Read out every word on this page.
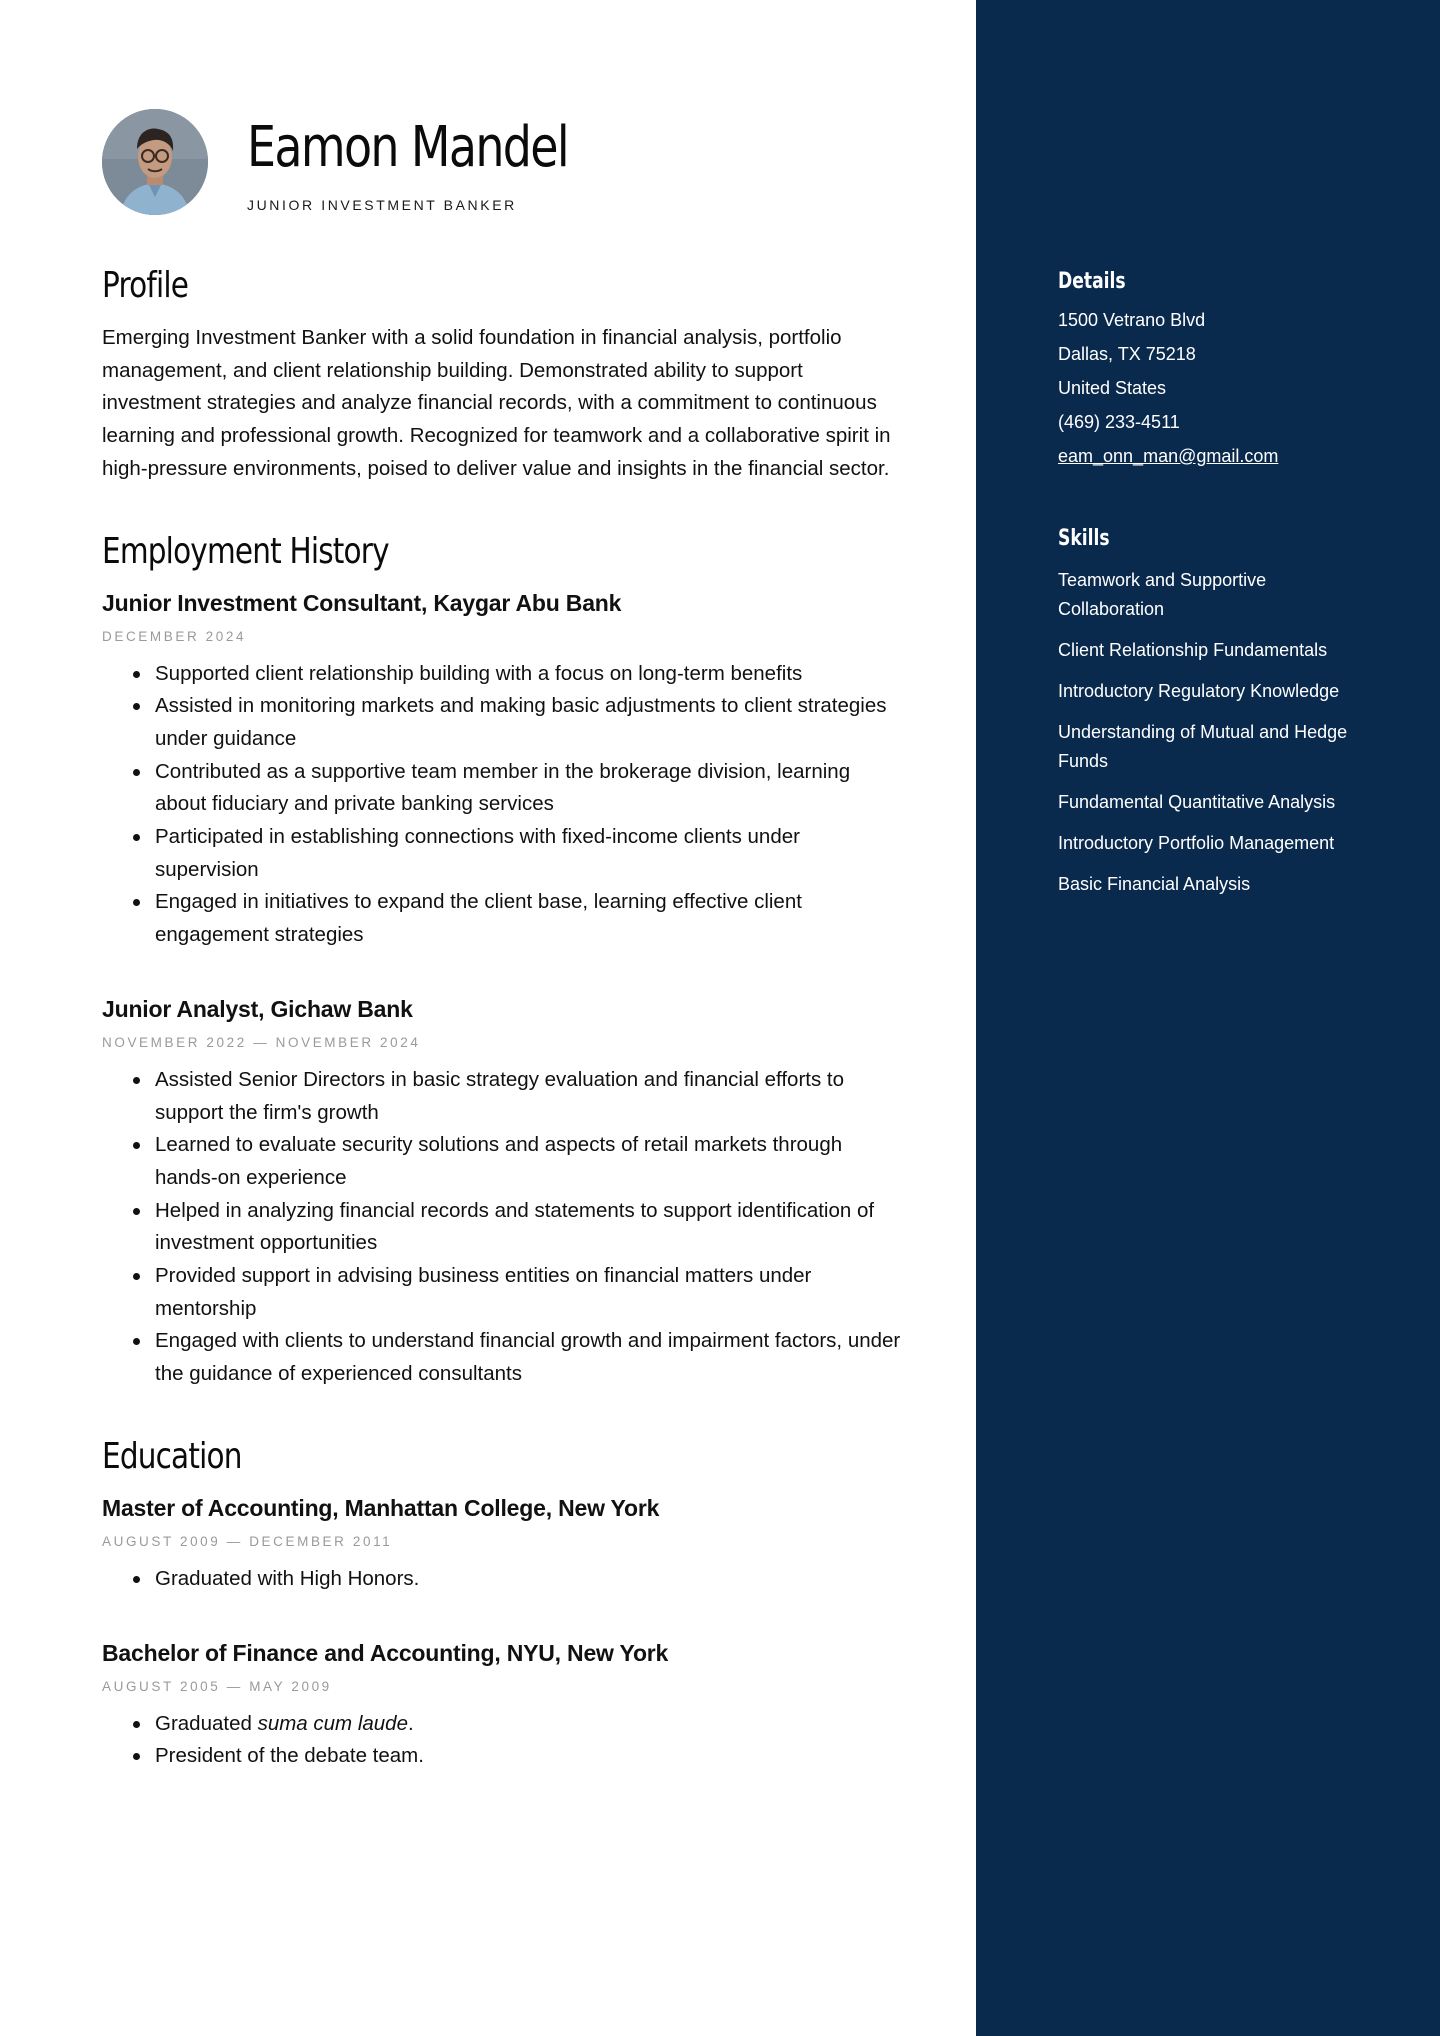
Eamon Mandel
JUNIOR INVESTMENT BANKER
Profile

Emerging Investment Banker with a solid foundation in financial analysis, portfolio management, and client relationship building. Demonstrated ability to support investment strategies and analyze financial records, with a commitment to continuous learning and professional growth. Recognized for teamwork and a collaborative spirit in high-pressure environments, poised to deliver value and insights in the financial sector.

Employment History
Junior Investment Consultant, Kaygar Abu Bank
DECEMBER 2024
Supported client relationship building with a focus on long-term benefits
Assisted in monitoring markets and making basic adjustments to client strategies under guidance
Contributed as a supportive team member in the brokerage division, learning about fiduciary and private banking services
Participated in establishing connections with fixed-income clients under supervision
Engaged in initiatives to expand the client base, learning effective client engagement strategies
Junior Analyst, Gichaw Bank
NOVEMBER 2022 — NOVEMBER 2024
Assisted Senior Directors in basic strategy evaluation and financial efforts to support the firm's growth
Learned to evaluate security solutions and aspects of retail markets through hands-on experience
Helped in analyzing financial records and statements to support identification of investment opportunities
Provided support in advising business entities on financial matters under mentorship
Engaged with clients to understand financial growth and impairment factors, under the guidance of experienced consultants
Education
Master of Accounting, Manhattan College, New York
AUGUST 2009 — DECEMBER 2011
Graduated with High Honors.
Bachelor of Finance and Accounting, NYU, New York
AUGUST 2005 — MAY 2009
Graduated suma cum laude.
President of the debate team.
Details
1500 Vetrano Blvd
Dallas, TX 75218
United States
(469) 233-4511
eam_onn_man@gmail.com
Skills
Teamwork and Supportive Collaboration
Client Relationship Fundamentals
Introductory Regulatory Knowledge
Understanding of Mutual and Hedge Funds
Fundamental Quantitative Analysis
Introductory Portfolio Management
Basic Financial Analysis
